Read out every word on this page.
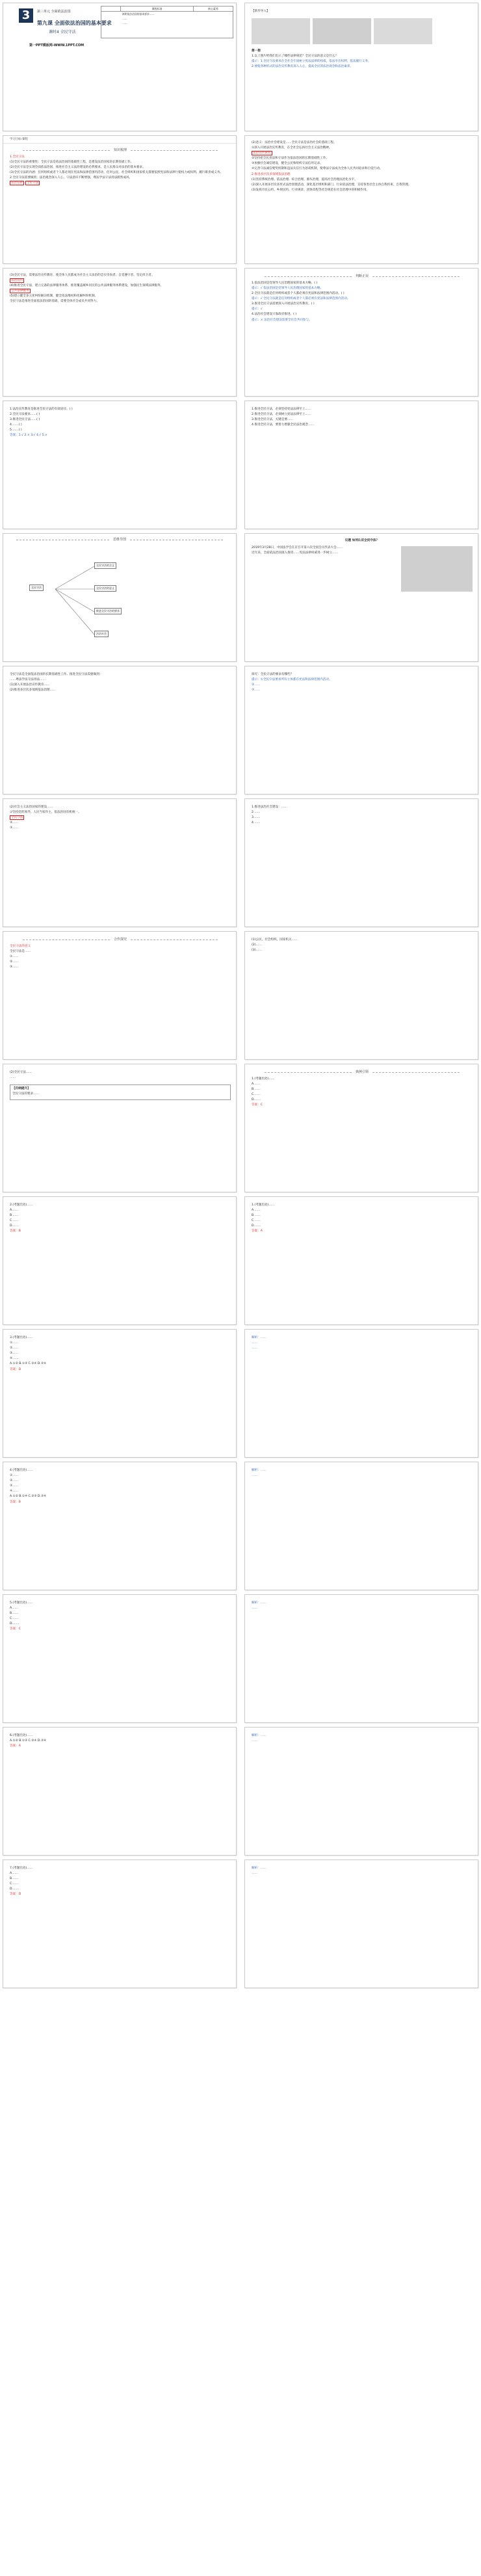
3	第三单元 全面依法治国
第九课 全面依法治国的基本要求
课时4 全民守法
第一PPT模板网-WWW.1PPT.COM
课程标准	核心素养
阐明依法治国的基本要求……
……
……

【新华导入】

想一想

1.以上图片给我们出示了哪些法律规范？全民守法的意义是什么？

提示：1.全民守法要求在全社会牢固树立宪法法律的权威，依法享有权利，依法履行义务。

2.要使各种形式的法治宣传教育深入人心，提高全民的法治观念和法治素养。

学习目标-课程
知识梳理

1.全民守法

(1)全民守法的重要性：全民守法是依法治国的基础性工程，是建设法治国家的长期基础工作。

(2)全民守法是实现全面依法治国，推进社会主义法治建设的必然要求，是人民群众对法治的基本要求。

(3)全民守法的内涵：任何组织或者个人都必须在宪法和法律范围内活动，任何公民、社会组织和国家机关都要依照宪法和法律行使权力或权利、履行职责或义务。

2.全民守法需要做到：法治观念深入人心，守法意识不断增强，尊法学法守法用法蔚然成风。

法治信仰 全民守法

(2)意义：法治社会建设是……全民守法是法治社会的基础工程。

①深入开展法治宣传教育，在全社会弘扬社会主义法治精神。

法治宣传教育

②坚持把全民普法和守法作为依法治国的长期基础性工作。

③加强社会诚信建设，健全公民和组织守法信用记录。

④完善守法诚信褒奖机制和违法失信行为惩戒机制，使尊法守法成为全体人民共同追求和自觉行动。

2.推进多层次多领域依法治理

(1)坚持系统治理、依法治理、综合治理、源头治理，提高社会治理法治化水平。

(2)深入开展多层次多形式法治创建活动，深化基层组织和部门、行业依法治理，支持各类社会主体自我约束、自我管理。

(3)发挥市民公约、乡规民约、行业规章、团体章程等社会规范在社会治理中的积极作用。

(3)全民守法，需要法治宣传教育，使全体人民都成为社会主义法治的忠实崇尚者、自觉遵守者、坚定捍卫者。

法治宣传

(4)推进全民守法，建立完备的法律服务体系，推进覆盖城乡居民的公共法律服务体系建设，加强民生领域法律服务。

公共法律服务

(5)建立健全多元化纠纷解决机制，健全依法维权和化解纠纷机制。

全民守法是推进全面依法治国的基础，需要全体社会成员共同努力。

判断正误

1.依法治国是党领导人民治理国家的基本方略。( )

提示：√ 依法治国是党领导人民治理国家的基本方略。

2.全民守法就是任何组织或者个人都必须在宪法和法律范围内活动。( )

提示：√ 全民守法就是任何组织或者个人都必须在宪法和法律范围内活动。

3.推进全民守法需要深入开展法治宣传教育。( )

提示：√

4.法治社会建设只靠政府推进。( )

提示：× 法治社会建设需要全社会共同参与。

1.法治宣传教育是推进全民守法的有效途径。( )

2.全民守法要求……( )

3.推进全民守法……( )

4.……( )

5.……( )

答案：1.√ 2.× 3.√ 4.√ 5.×

1.推进全民守法，必须坚持宪法法律至上……

2.推进全民守法，必须树立宪法法律至上……

3.推进全民守法，关键是要……

4.推进全民守法，要着力增强全民法治观念……

思维导图
全民守法
全民守法的含义
全民守法的意义
推进全民守法的要求
法治社会

议题 如何认识全民守法？

2019年3月28日，中国法学会在京召开第六次全国会员代表大会……

近年来，全面依法治国深入推进……宪法法律权威进一步树立……

全民守法是全面依法治国的长期基础性工作。推进全民守法需要做到：

……尊法学法守法用法……

(1)深入开展法治宣传教育……

(2)推进多层次多领域依法治理……

探究：全民守法的要求有哪些？

提示：①全民守法要求所有主体都在宪法和法律范围内活动。

②……

③……

(2)社会主义法治国家的建设……

①坚持党的领导、人民当家作主、依法治国有机统一。

全民守法

②……

③……

1.推进法治社会建设：……

2.……

3.……

4.……

合作探究

全民守法的意义

全民守法是……

①……

②……

③……

(1)公民、社会组织、国家机关……

(2)……

(3)……

(2)全民守法……

……

【归纳提升】

全民守法的要求……

典例引领

1.(考题出处)……

A.……

B.……

C.……

D.……

答案：C

2.(考题出处)……

A.……

B.……

C.……

D.……

答案：B

1.(考题出处)……

A.……

B.……

C.……

D.……

答案：A

3.(考题出处)……

①……

②……

③……

④……

A.①② B.①③ C.②④ D.③④

答案：D

解析：……

……

……

4.(考题出处)……

①……

②……

③……

④……

A.①② B.①④ C.②③ D.③④

答案：B

解析：……

……

5.(考题出处)……

A.……

B.……

C.……

D.……

答案：C

解析：……

……

6.(考题出处)……

A.①② B.①③ C.②④ D.③④

答案：A

解析：……

……

7.(考题出处)……

A.……

B.……

C.……

D.……

答案：D

解析：……

……
